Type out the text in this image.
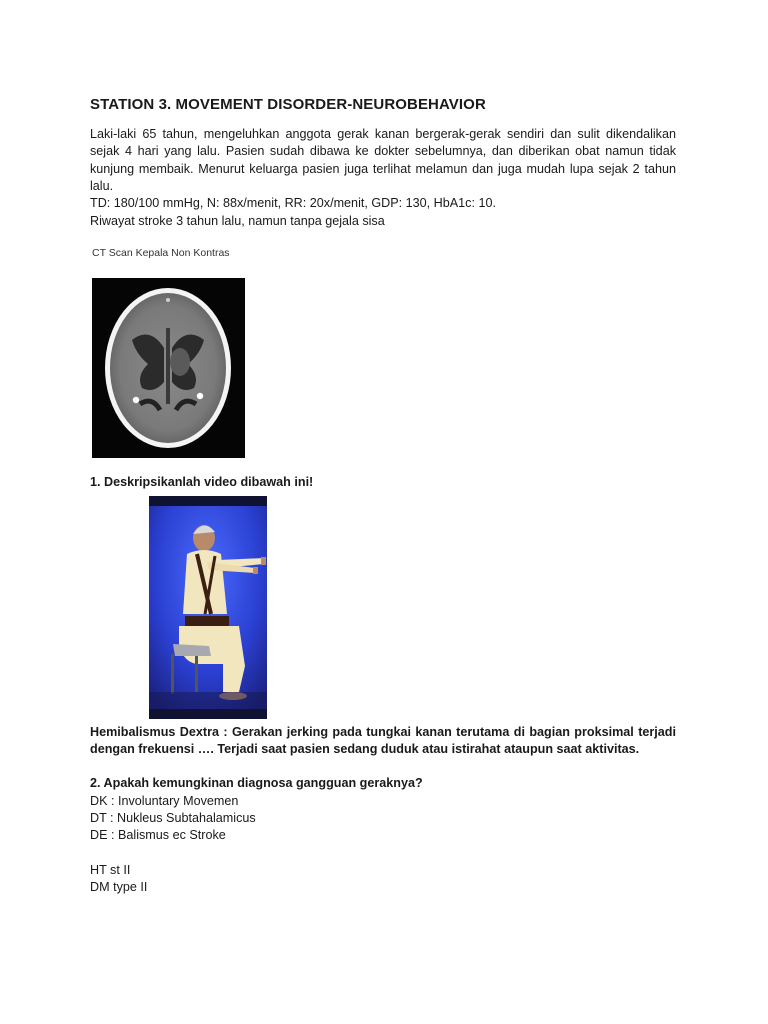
STATION 3. MOVEMENT DISORDER-NEUROBEHAVIOR
Laki-laki 65 tahun, mengeluhkan anggota gerak kanan bergerak-gerak sendiri dan sulit dikendalikan sejak 4 hari yang lalu. Pasien sudah dibawa ke dokter sebelumnya, dan diberikan obat namun tidak kunjung membaik. Menurut keluarga pasien juga terlihat melamun dan juga mudah lupa sejak 2 tahun lalu.
TD: 180/100 mmHg, N: 88x/menit, RR: 20x/menit, GDP: 130, HbA1c: 10.
Riwayat stroke 3 tahun lalu, namun tanpa gejala sisa
CT Scan Kepala Non Kontras
1. Deskripsikanlah video dibawah ini!
Hemibalismus Dextra : Gerakan jerking pada tungkai kanan terutama di bagian proksimal terjadi dengan frekuensi …. Terjadi saat pasien sedang duduk atau istirahat ataupun saat aktivitas.
2. Apakah kemungkinan diagnosa gangguan geraknya?
DK : Involuntary Movemen
DT : Nukleus Subtahalamicus
DE : Balismus ec Stroke
HT st II
DM type II
